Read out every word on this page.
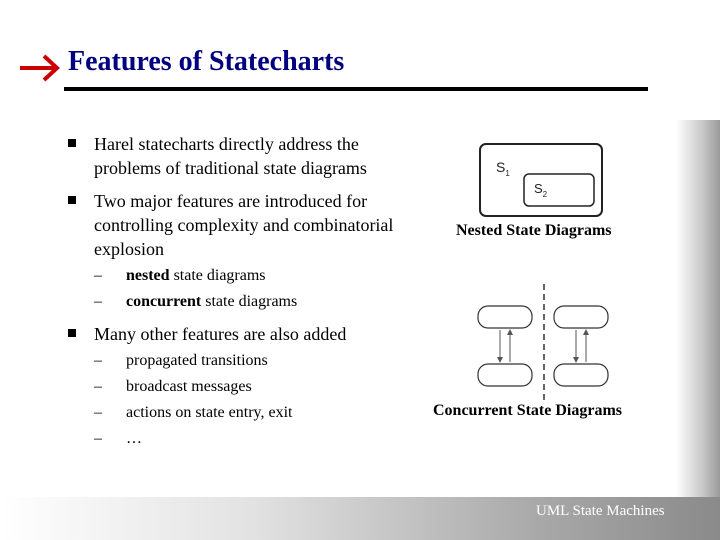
Features of Statecharts
Harel statecharts directly address the
problems of traditional state diagrams
Two major features are introduced for
controlling complexity and combinatorial
explosion
– nested state diagrams
– concurrent state diagrams
Many other features are also added
– propagated transitions
– broadcast messages
– actions on state entry, exit
– …
$S_1$
$S_2$
Nested State Diagrams
Concurrent State Diagrams
UML State Machines
